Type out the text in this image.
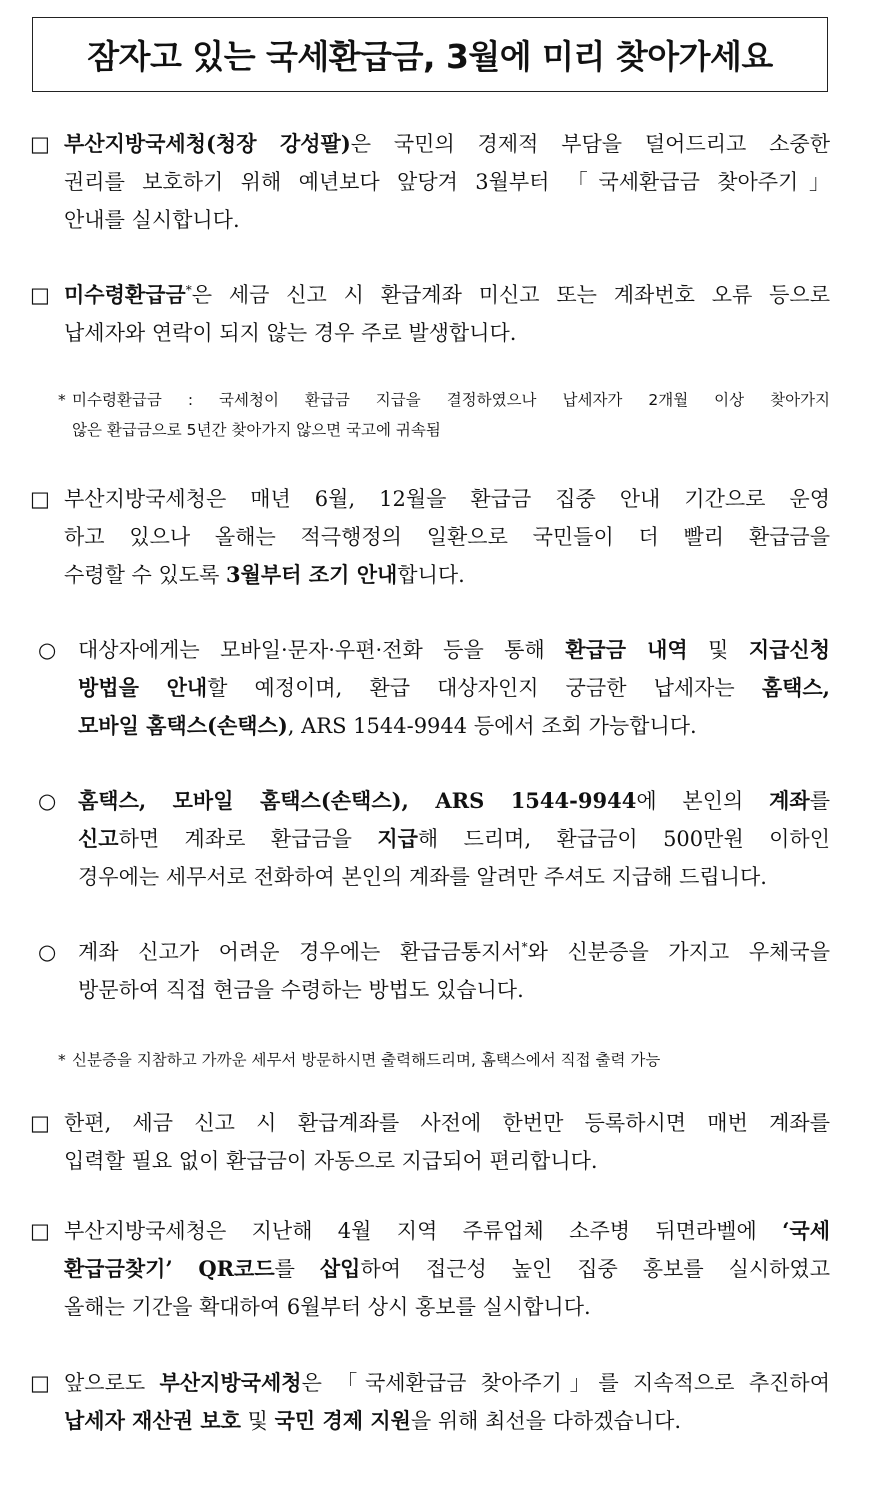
잠자고 있는 국세환급금, 3월에 미리 찾아가세요
□ 부산지방국세청(청장 강성팔)은 국민의 경제적 부담을 덜어드리고 소중한
권리를 보호하기 위해 예년보다 앞당겨 3월부터 「국세환급금 찾아주기」
안내를 실시합니다.
□ 미수령환급금*은 세금 신고 시 환급계좌 미신고 또는 계좌번호 오류 등으로
납세자와 연락이 되지 않는 경우 주로 발생합니다.
* 미수령환급금 : 국세청이 환급금 지급을 결정하였으나 납세자가 2개월 이상 찾아가지
않은 환급금으로 5년간 찾아가지 않으면 국고에 귀속됨
□ 부산지방국세청은 매년 6월, 12월을 환급금 집중 안내 기간으로 운영
하고 있으나 올해는 적극행정의 일환으로 국민들이 더 빨리 환급금을
수령할 수 있도록 3월부터 조기 안내합니다.
○ 대상자에게는 모바일·문자·우편·전화 등을 통해 환급금 내역 및 지급신청
방법을 안내할 예정이며, 환급 대상자인지 궁금한 납세자는 홈택스,
모바일 홈택스(손택스), ARS 1544-9944 등에서 조회 가능합니다.
○ 홈택스, 모바일 홈택스(손택스), ARS 1544-9944에 본인의 계좌를
신고하면 계좌로 환급금을 지급해 드리며, 환급금이 500만원 이하인
경우에는 세무서로 전화하여 본인의 계좌를 알려만 주셔도 지급해 드립니다.
○ 계좌 신고가 어려운 경우에는 환급금통지서*와 신분증을 가지고 우체국을
방문하여 직접 현금을 수령하는 방법도 있습니다.
* 신분증을 지참하고 가까운 세무서 방문하시면 출력해드리며, 홈택스에서 직접 출력 가능
□ 한편, 세금 신고 시 환급계좌를 사전에 한번만 등록하시면 매번 계좌를
입력할 필요 없이 환급금이 자동으로 지급되어 편리합니다.
□ 부산지방국세청은 지난해 4월 지역 주류업체 소주병 뒤면라벨에 ‘국세
환급금찾기’ QR코드를 삽입하여 접근성 높인 집중 홍보를 실시하였고
올해는 기간을 확대하여 6월부터 상시 홍보를 실시합니다.
□ 앞으로도 부산지방국세청은 「국세환급금 찾아주기」를 지속적으로 추진하여
납세자 재산권 보호 및 국민 경제 지원을 위해 최선을 다하겠습니다.
